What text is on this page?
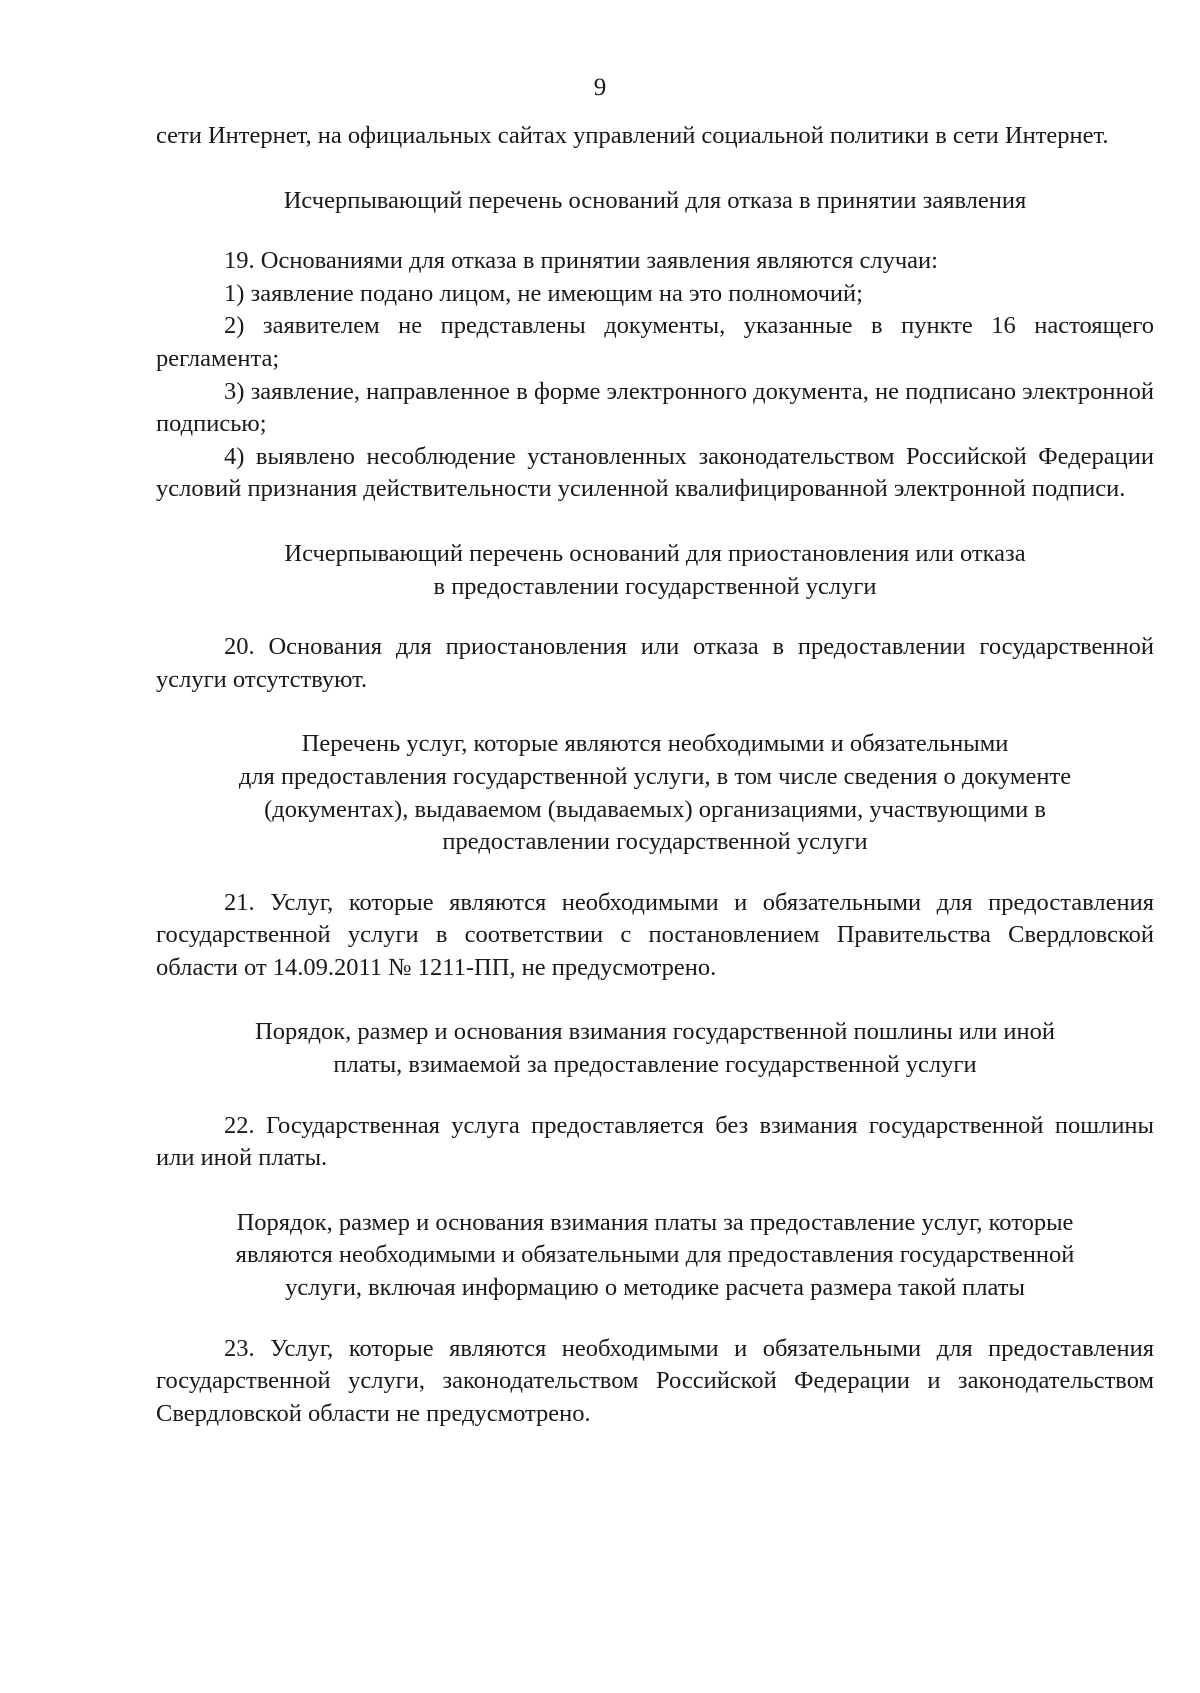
9

сети Интернет, на официальных сайтах управлений социальной политики в сети Интернет.

Исчерпывающий перечень оснований для отказа в принятии заявления

19. Основаниями для отказа в принятии заявления являются случаи:

1) заявление подано лицом, не имеющим на это полномочий;

2) заявителем не представлены документы, указанные в пункте 16 настоящего регламента;

3) заявление, направленное в форме электронного документа, не подписано электронной подписью;

4) выявлено несоблюдение установленных законодательством Российской Федерации условий признания действительности усиленной квалифицированной электронной подписи.

Исчерпывающий перечень оснований для приостановления или отказа
в предоставлении государственной услуги

20. Основания для приостановления или отказа в предоставлении государственной услуги отсутствуют.

Перечень услуг, которые являются необходимыми и обязательными
для предоставления государственной услуги, в том числе сведения о документе
(документах), выдаваемом (выдаваемых) организациями, участвующими в
предоставлении государственной услуги

21. Услуг, которые являются необходимыми и обязательными для предоставления государственной услуги в соответствии с постановлением Правительства Свердловской области от 14.09.2011 № 1211-ПП, не предусмотрено.

Порядок, размер и основания взимания государственной пошлины или иной
платы, взимаемой за предоставление государственной услуги

22. Государственная услуга предоставляется без взимания государственной пошлины или иной платы.

Порядок, размер и основания взимания платы за предоставление услуг, которые
являются необходимыми и обязательными для предоставления государственной
услуги, включая информацию о методике расчета размера такой платы

23. Услуг, которые являются необходимыми и обязательными для предоставления государственной услуги, законодательством Российской Федерации и законодательством Свердловской области не предусмотрено.
